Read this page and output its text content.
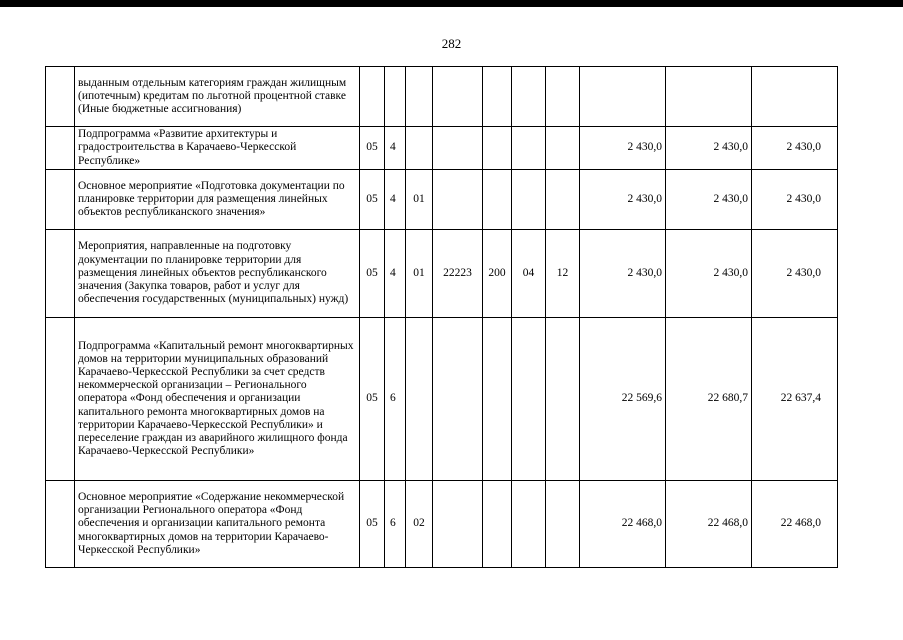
282
	выданным отдельным категориям граждан жилищным (ипотечным) кредитам по льготной процентной ставке (Иные бюджетные ассигнования)										
	Подпрограмма «Развитие архитектуры и градостроительства в Карачаево-Черкесской Республике»	05	4						2 430,0	2 430,0	2 430,0
	Основное мероприятие «Подготовка документации по планировке территории для размещения линейных объектов республиканского значения»	05	4	01					2 430,0	2 430,0	2 430,0
	Мероприятия, направленные на подготовку документации по планировке территории для размещения линейных объектов республиканского значения (Закупка товаров, работ и услуг для обеспечения государственных (муниципальных) нужд)	05	4	01	22223	200	04	12	2 430,0	2 430,0	2 430,0
	Подпрограмма «Капитальный ремонт многоквартирных домов на территории муниципальных образований Карачаево-Черкесской Республики за счет средств некоммерческой организации – Регионального оператора «Фонд обеспечения и организации капитального ремонта многоквартирных домов на территории Карачаево-Черкесской Республики» и переселение граждан из аварийного жилищного фонда Карачаево-Черкесской Республики»	05	6						22 569,6	22 680,7	22 637,4
	Основное мероприятие «Содержание некоммерческой организации Регионального оператора «Фонд обеспечения и организации капитального ремонта многоквартирных домов на территории Карачаево-Черкесской Республики»	05	6	02					22 468,0	22 468,0	22 468,0
